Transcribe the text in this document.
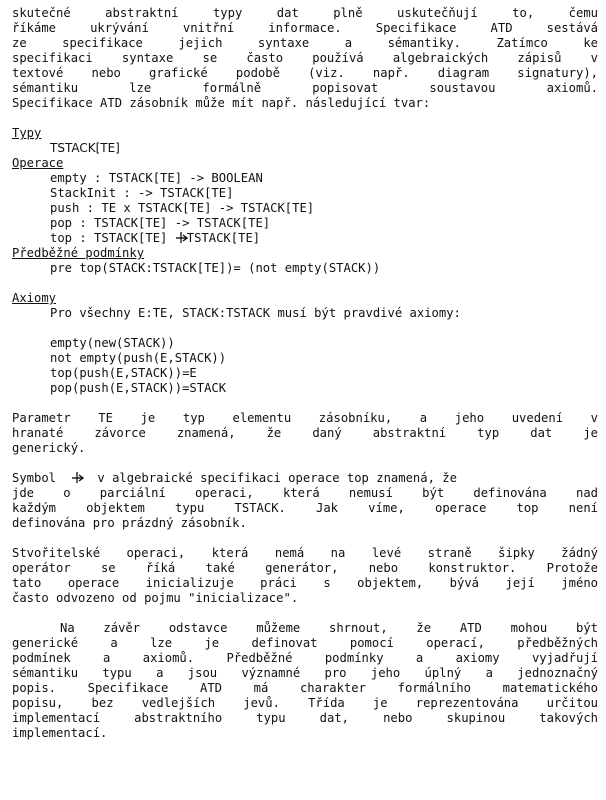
skutečné abstraktní typy dat plně uskutečňují to, čemu
říkáme ukrývání vnitřní informace. Specifikace ATD sestává
ze specifikace jejich syntaxe a sémantiky. Zatímco ke
specifikaci syntaxe se často používá algebraických zápisů v
textové nebo grafické podobě (viz. např. diagram signatury),
sémantiku lze formálně popisovat soustavou axiomů.
Specifikace ATD zásobník může mít např. následující tvar:
Typy
TSTACK[TE]
Operace
empty : TSTACK[TE] -> BOOLEAN
StackInit : -> TSTACK[TE]
push : TE x TSTACK[TE] -> TSTACK[TE]
pop : TSTACK[TE] -> TSTACK[TE]
top : TSTACK[TE] TSTACK[TE]
Předběžné podmínky
pre top(STACK:TSTACK[TE])= (not empty(STACK))
Axiomy
Pro všechny E:TE, STACK:TSTACK musí být pravdivé axiomy:
empty(new(STACK))
not empty(push(E,STACK))
top(push(E,STACK))=E
pop(push(E,STACK))=STACK
Parametr TE je typ elementu zásobníku, a jeho uvedení v
hranaté závorce znamená, že daný abstraktní typ dat je
generický.
Symbol	v algebraické specifikaci operace top znamená, že
jde o parciální operaci, která nemusí být definována nad
každým objektem typu TSTACK. Jak víme, operace top není
definována pro prázdný zásobník.
Stvořitelské operaci, která nemá na levé straně šipky žádný
operátor se říká také generátor, nebo konstruktor. Protože
tato operace inicializuje práci s objektem, bývá její jméno
často odvozeno od pojmu "inicializace".
Na závěr odstavce můžeme shrnout, že ATD mohou být
generické a lze je definovat pomocí operací, předběžných
podmínek a axiomů. Předběžné podmínky a axiomy vyjadřují
sémantiku typu a jsou významné pro jeho úplný a jednoznačný
popis. Specifikace ATD má charakter formálního matematického
popisu, bez vedlejších jevů. Třída je reprezentována určitou
implementací abstraktního typu dat, nebo skupinou takových
implementací.
